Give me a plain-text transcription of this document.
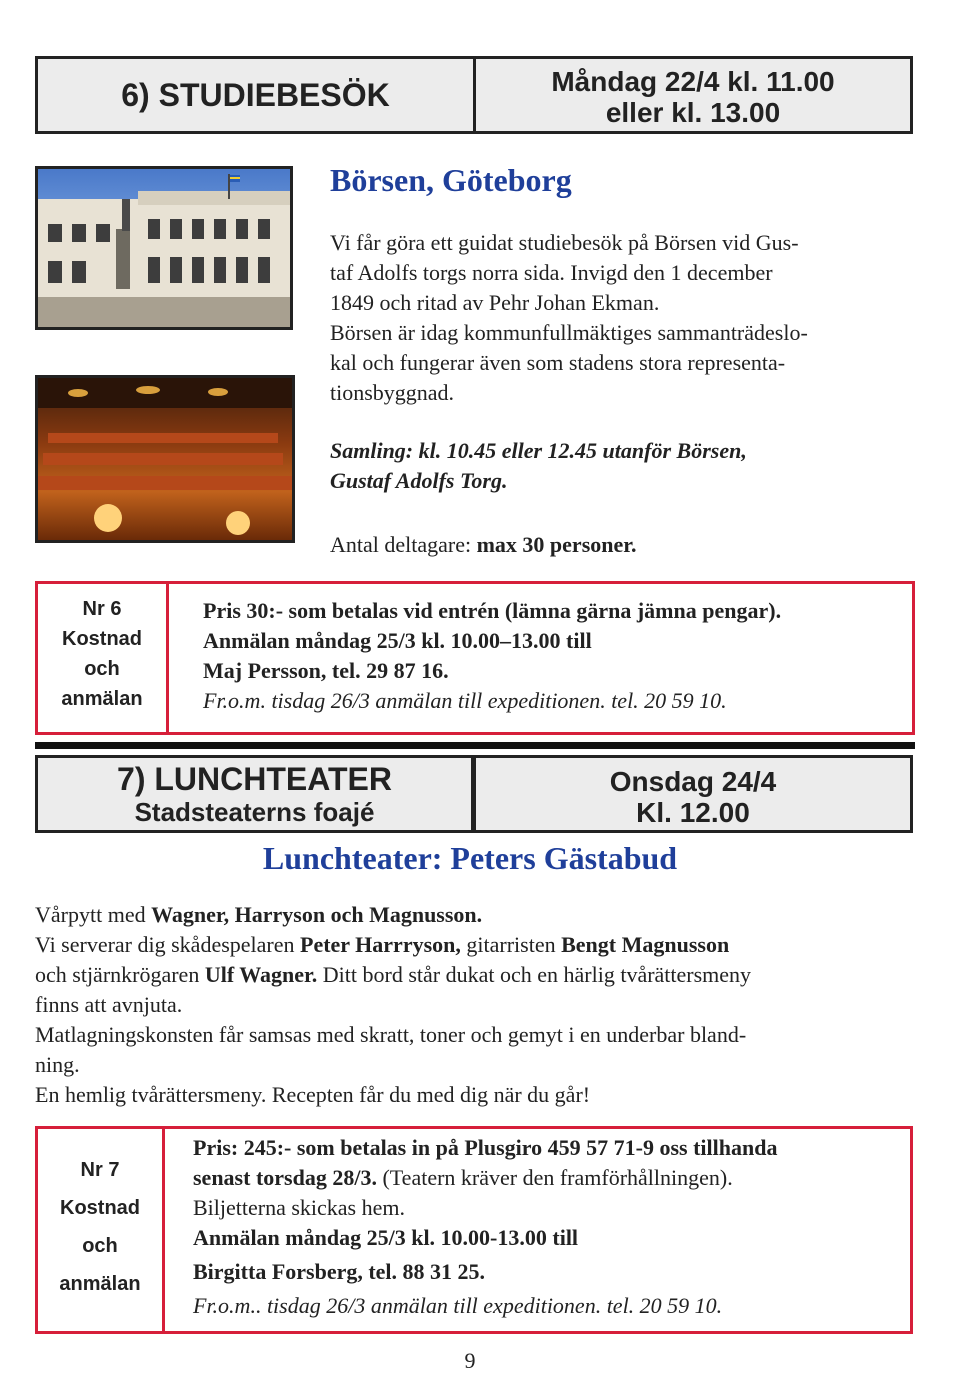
6) STUDIEBESÖK	Måndag 22/4 kl. 11.00
eller kl. 13.00
Börsen, Göteborg
Vi får göra ett guidat studiebesök på Börsen vid Gus-
taf Adolfs torgs norra sida. Invigd den 1 december
1849 och ritad av Pehr Johan Ekman.
Börsen är idag kommunfullmäktiges sammanträdeslo-
kal och fungerar även som stadens stora representa-
tionsbyggnad.
Samling: kl. 10.45 eller 12.45 utanför Börsen,
Gustaf Adolfs Torg.
Antal deltagare: max 30 personer.
Nr 6
Kostnad
och
anmälan
Pris 30:- som betalas vid entrén (lämna gärna jämna pengar).
Anmälan måndag 25/3 kl. 10.00–13.00 till
Maj Persson, tel. 29 87 16.
Fr.o.m. tisdag 26/3 anmälan till expeditionen. tel. 20 59 10.
7) LUNCHTEATER
Stadsteaterns foajé
Onsdag 24/4
Kl. 12.00
Lunchteater: Peters Gästabud
Vårpytt med Wagner, Harryson och Magnusson.
Vi serverar dig skådespelaren Peter Harrryson, gitarristen Bengt Magnusson
och stjärnkrögaren Ulf Wagner. Ditt bord står dukat och en härlig tvårättersmeny
finns att avnjuta.
Matlagningskonsten får samsas med skratt, toner och gemyt i en underbar bland-
ning.
En hemlig tvårättersmeny. Recepten får du med dig när du går!
Nr 7
Kostnad
och
anmälan
Pris: 245:- som betalas in på Plusgiro 459 57 71-9 oss tillhanda
senast torsdag 28/3. (Teatern kräver den framförhållningen).
Biljetterna skickas hem.
Anmälan måndag 25/3 kl. 10.00-13.00 till
Birgitta Forsberg, tel. 88 31 25.
Fr.o.m.. tisdag 26/3 anmälan till expeditionen. tel. 20 59 10.
9
